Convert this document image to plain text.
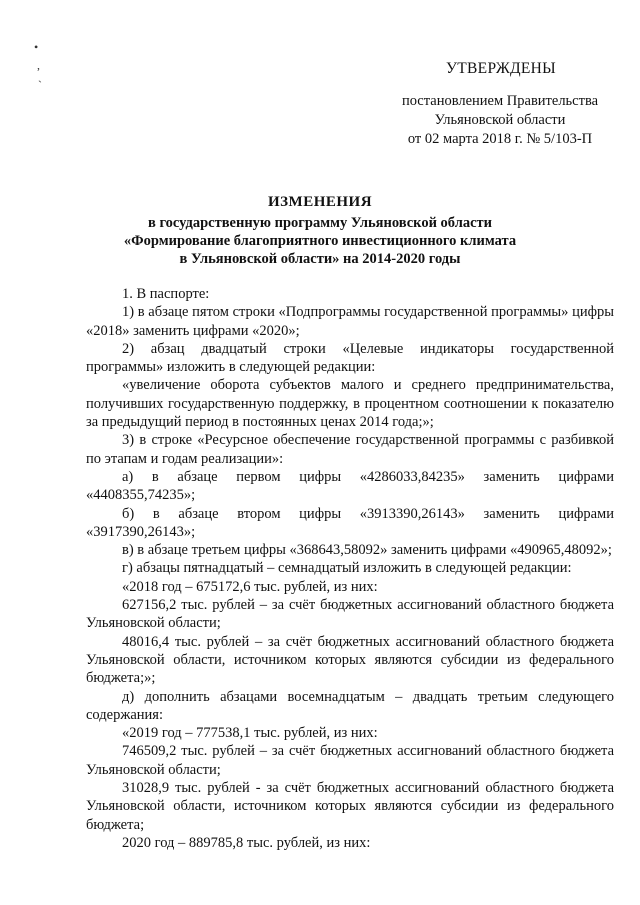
•
,
`
УТВЕРЖДЕНЫ
постановлением Правительства
Ульяновской области
от 02 марта 2018 г. № 5/103-П
ИЗМЕНЕНИЯ
в государственную программу Ульяновской области
«Формирование благоприятного инвестиционного климата
в Ульяновской области» на 2014-2020 годы

1. В паспорте:

1) в абзаце пятом строки «Подпрограммы государственной программы» цифры «2018» заменить цифрами «2020»;

2) абзац двадцатый строки «Целевые индикаторы государственной программы» изложить в следующей редакции:

«увеличение оборота субъектов малого и среднего предпринимательства, получивших государственную поддержку, в процентном соотношении к показателю за предыдущий период в постоянных ценах 2014 года;»;

3) в строке «Ресурсное обеспечение государственной программы с разбивкой по этапам и годам реализации»:

а) в абзаце первом цифры «4286033,84235» заменить цифрами «4408355,74235»;

б) в абзаце втором цифры «3913390,26143» заменить цифрами «3917390,26143»;

в) в абзаце третьем цифры «368643,58092» заменить цифрами «490965,48092»;

г) абзацы пятнадцатый – семнадцатый изложить в следующей редакции:

«2018 год – 675172,6 тыс. рублей, из них:

627156,2 тыс. рублей – за счёт бюджетных ассигнований областного бюджета Ульяновской области;

48016,4 тыс. рублей – за счёт бюджетных ассигнований областного бюджета Ульяновской области, источником которых являются субсидии из федерального бюджета;»;

д) дополнить абзацами восемнадцатым – двадцать третьим следующего содержания:

«2019 год – 777538,1 тыс. рублей, из них:

746509,2 тыс. рублей – за счёт бюджетных ассигнований областного бюджета Ульяновской области;

31028,9 тыс. рублей - за счёт бюджетных ассигнований областного бюджета Ульяновской области, источником которых являются субсидии из федерального бюджета;

2020 год – 889785,8 тыс. рублей, из них:
